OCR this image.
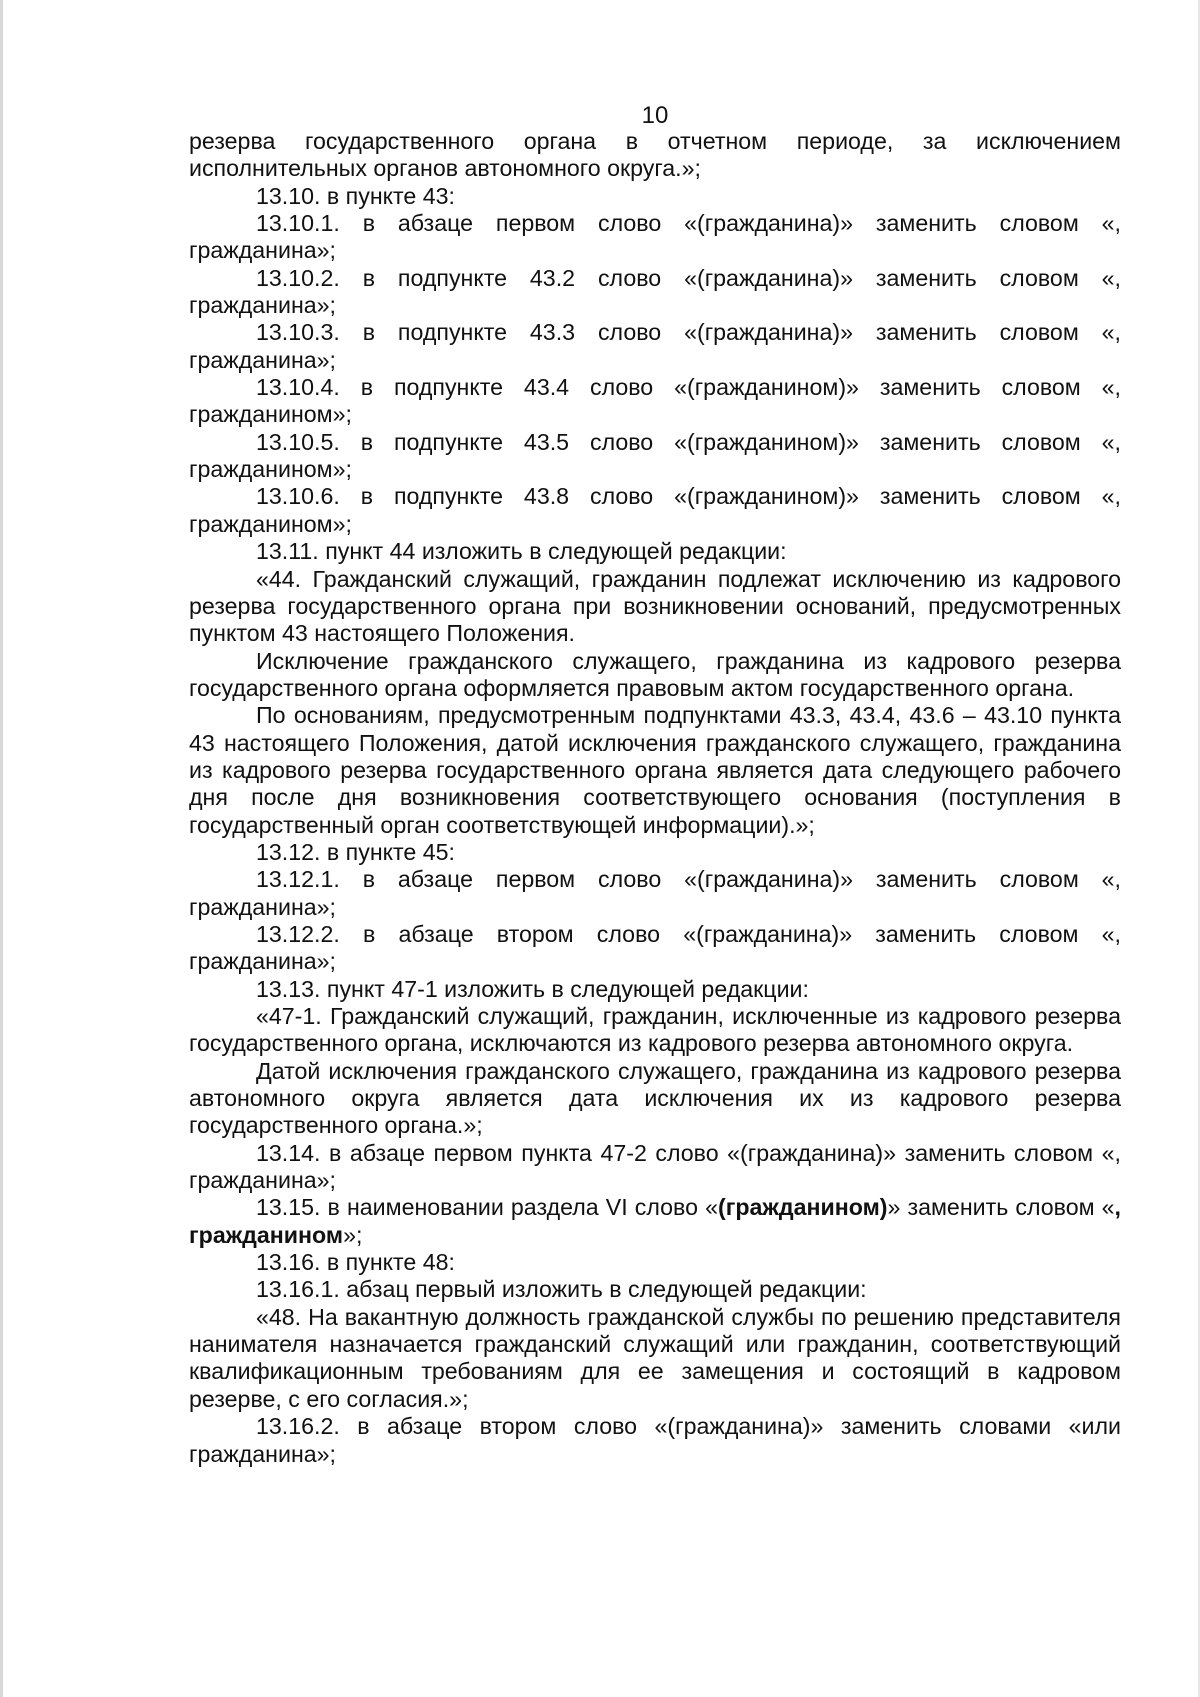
10

резерва государственного органа в отчетном периоде, за исключением исполнительных органов автономного округа.»;

13.10. в пункте 43:

13.10.1. в абзаце первом слово «(гражданина)» заменить словом «, гражданина»;

13.10.2. в подпункте 43.2 слово «(гражданина)» заменить словом «, гражданина»;

13.10.3. в подпункте 43.3 слово «(гражданина)» заменить словом «, гражданина»;

13.10.4. в подпункте 43.4 слово «(гражданином)» заменить словом «, гражданином»;

13.10.5. в подпункте 43.5 слово «(гражданином)» заменить словом «, гражданином»;

13.10.6. в подпункте 43.8 слово «(гражданином)» заменить словом «, гражданином»;

13.11. пункт 44 изложить в следующей редакции:

«44. Гражданский служащий, гражданин подлежат исключению из кадрового резерва государственного органа при возникновении оснований, предусмотренных пунктом 43 настоящего Положения.

Исключение гражданского служащего, гражданина из кадрового резерва государственного органа оформляется правовым актом государственного органа.

По основаниям, предусмотренным подпунктами 43.3, 43.4, 43.6 – 43.10 пункта 43 настоящего Положения, датой исключения гражданского служащего, гражданина из кадрового резерва государственного органа является дата следующего рабочего дня после дня возникновения соответствующего основания (поступления в государственный орган соответствующей информации).»;

13.12. в пункте 45:

13.12.1. в абзаце первом слово «(гражданина)» заменить словом «, гражданина»;

13.12.2. в абзаце втором слово «(гражданина)» заменить словом «, гражданина»;

13.13. пункт 47-1 изложить в следующей редакции:

«47-1. Гражданский служащий, гражданин, исключенные из кадрового резерва государственного органа, исключаются из кадрового резерва автономного округа.

Датой исключения гражданского служащего, гражданина из кадрового резерва автономного округа является дата исключения их из кадрового резерва государственного органа.»;

13.14. в абзаце первом пункта 47-2 слово «(гражданина)» заменить словом «, гражданина»;

13.15. в наименовании раздела VI слово «(гражданином)» заменить словом «, гражданином»;

13.16. в пункте 48:

13.16.1. абзац первый изложить в следующей редакции:

«48. На вакантную должность гражданской службы по решению представителя нанимателя назначается гражданский служащий или гражданин, соответствующий квалификационным требованиям для ее замещения и состоящий в кадровом резерве, с его согласия.»;

13.16.2. в абзаце втором слово «(гражданина)» заменить словами «или гражданина»;
